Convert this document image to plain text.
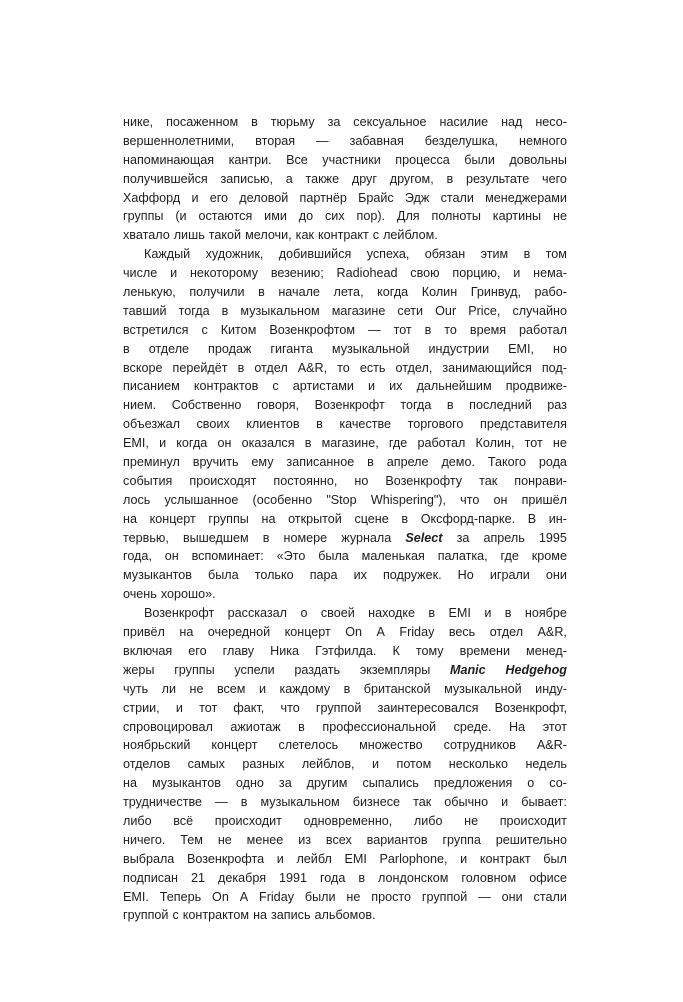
нике, посаженном в тюрьму за сексуальное насилие над несо-
вершеннолетними, вторая — забавная безделушка, немного
напоминающая кантри. Все участники процесса были довольны
получившейся записью, а также друг другом, в результате чего
Хаффорд и его деловой партнёр Брайс Эдж стали менеджерами
группы (и остаются ими до сих пор). Для полноты картины не
хватало лишь такой мелочи, как контракт с лейблом.
Каждый художник, добившийся успеха, обязан этим в том
числе и некоторому везению; Radiohead свою порцию, и нема-
ленькую, получили в начале лета, когда Колин Гринвуд, рабо-
тавший тогда в музыкальном магазине сети Our Price, случайно
встретился с Китом Возенкрофтом — тот в то время работал
в отделе продаж гиганта музыкальной индустрии EMI, но
вскоре перейдёт в отдел A&R, то есть отдел, занимающийся под-
писанием контрактов с артистами и их дальнейшим продвиже-
нием. Собственно говоря, Возенкрофт тогда в последний раз
объезжал своих клиентов в качестве торгового представителя
EMI, и когда он оказался в магазине, где работал Колин, тот не
преминул вручить ему записанное в апреле демо. Такого рода
события происходят постоянно, но Возенкрофту так понрави-
лось услышанное (особенно "Stop Whispering"), что он пришёл
на концерт группы на открытой сцене в Оксфорд-парке. В ин-
тервью, вышедшем в номере журнала Select за апрель 1995
года, он вспоминает: «Это была маленькая палатка, где кроме
музыкантов была только пара их подружек. Но играли они
очень хорошо».
Возенкрофт рассказал о своей находке в EMI и в ноябре
привёл на очередной концерт On A Friday весь отдел A&R,
включая его главу Ника Гэтфилда. К тому времени менед-
жеры группы успели раздать экземпляры Manic Hedgehog
чуть ли не всем и каждому в британской музыкальной инду-
стрии, и тот факт, что группой заинтересовался Возенкрофт,
спровоцировал ажиотаж в профессиональной среде. На этот
ноябрьский концерт слетелось множество сотрудников A&R-
отделов самых разных лейблов, и потом несколько недель
на музыкантов одно за другим сыпались предложения о со-
трудничестве — в музыкальном бизнесе так обычно и бывает:
либо всё происходит одновременно, либо не происходит
ничего. Тем не менее из всех вариантов группа решительно
выбрала Возенкрофта и лейбл EMI Parlophone, и контракт был
подписан 21 декабря 1991 года в лондонском головном офисе
EMI. Теперь On A Friday были не просто группой — они стали
группой с контрактом на запись альбомов.
